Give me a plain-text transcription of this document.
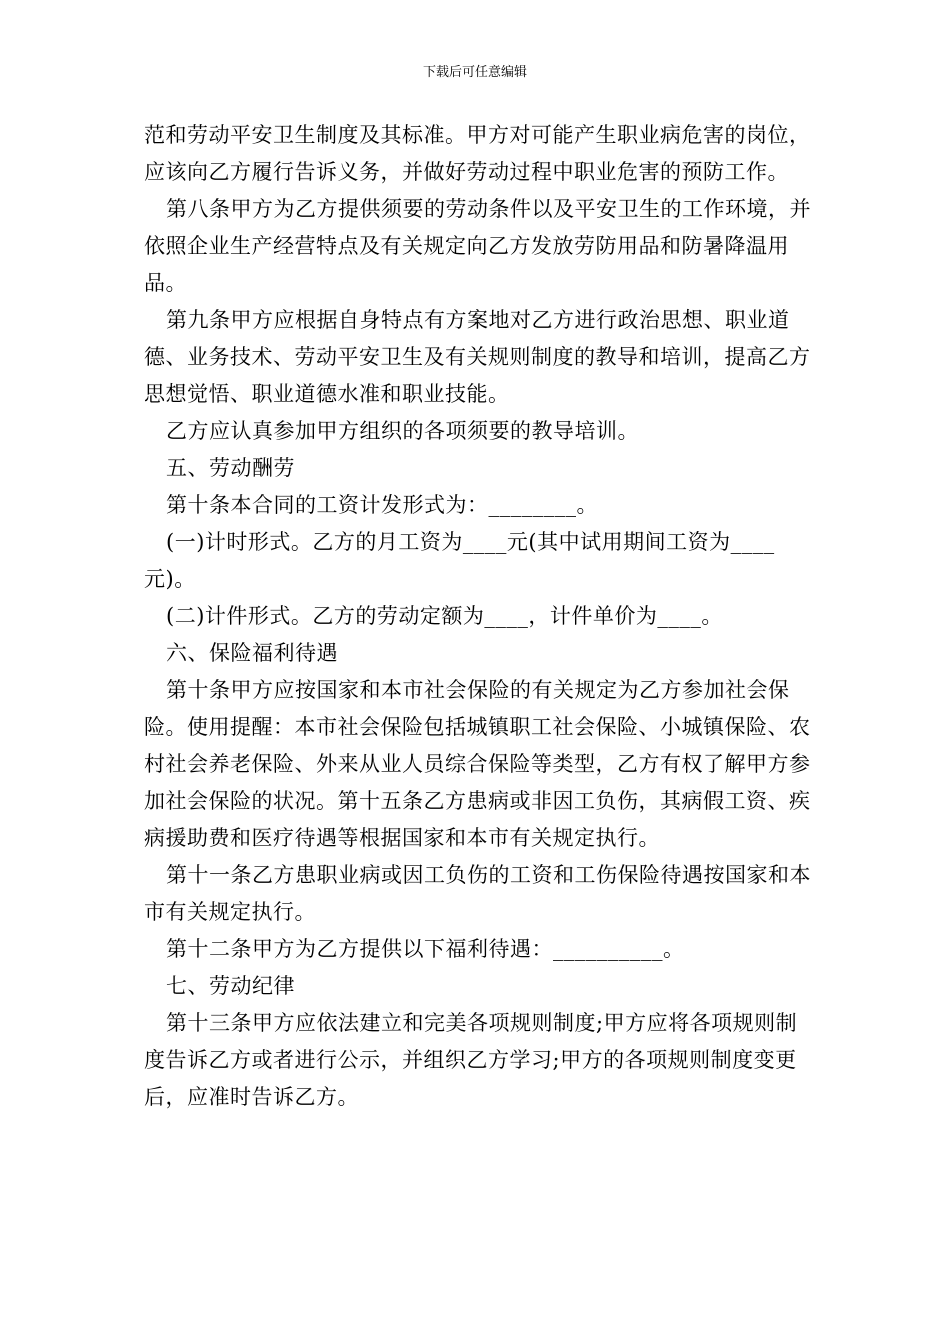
下载后可任意编辑

范和劳动平安卫生制度及其标准。甲方对可能产生职业病危害的岗位，应该向乙方履行告诉义务，并做好劳动过程中职业危害的预防工作。

第八条甲方为乙方提供须要的劳动条件以及平安卫生的工作环境，并依照企业生产经营特点及有关规定向乙方发放劳防用品和防暑降温用品。

第九条甲方应根据自身特点有方案地对乙方进行政治思想、职业道德、业务技术、劳动平安卫生及有关规则制度的教导和培训，提高乙方思想觉悟、职业道德水准和职业技能。

乙方应认真参加甲方组织的各项须要的教导培训。

五、劳动酬劳

第十条本合同的工资计发形式为：________。

(一)计时形式。乙方的月工资为____元(其中试用期间工资为____元)。

(二)计件形式。乙方的劳动定额为____，计件单价为____。

六、保险福利待遇

第十条甲方应按国家和本市社会保险的有关规定为乙方参加社会保险。使用提醒：本市社会保险包括城镇职工社会保险、小城镇保险、农村社会养老保险、外来从业人员综合保险等类型，乙方有权了解甲方参加社会保险的状况。第十五条乙方患病或非因工负伤，其病假工资、疾病援助费和医疗待遇等根据国家和本市有关规定执行。

第十一条乙方患职业病或因工负伤的工资和工伤保险待遇按国家和本市有关规定执行。

第十二条甲方为乙方提供以下福利待遇：__________。

七、劳动纪律

第十三条甲方应依法建立和完美各项规则制度;甲方应将各项规则制度告诉乙方或者进行公示，并组织乙方学习;甲方的各项规则制度变更后，应准时告诉乙方。
